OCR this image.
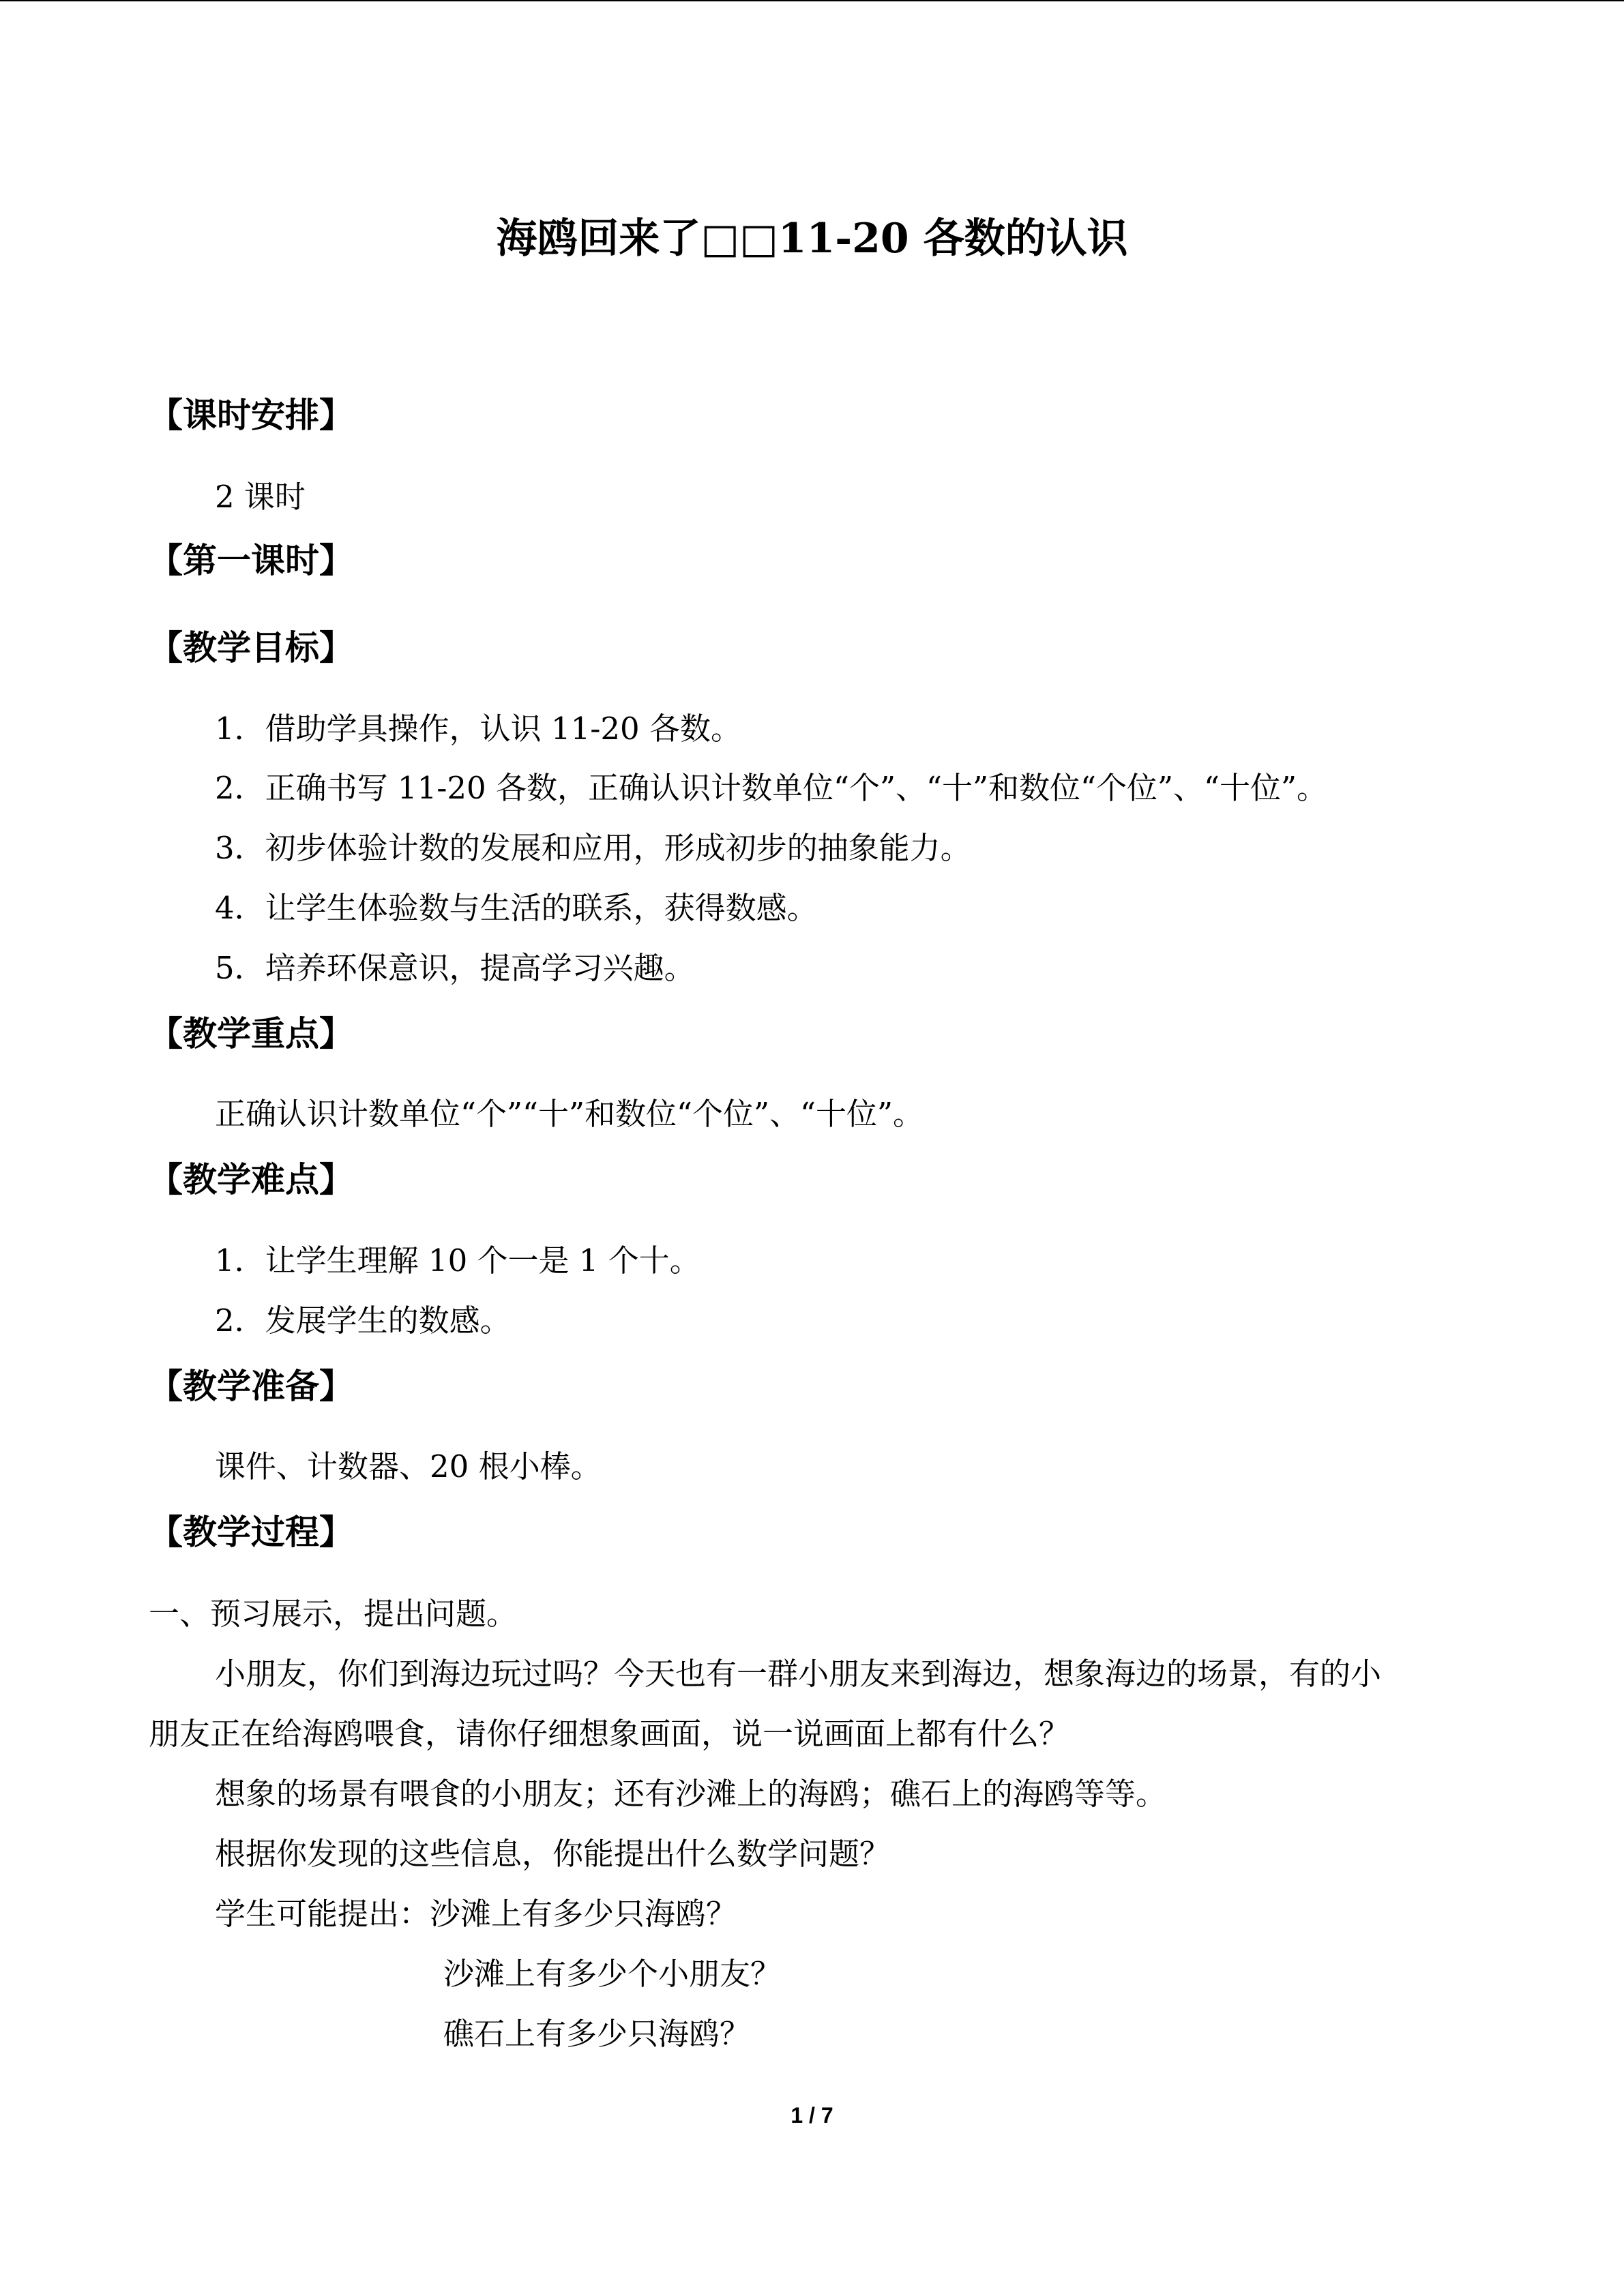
海鸥回来了□□11-20 各数的认识
【课时安排】
2 课时
【第一课时】
【教学目标】
1．借助学具操作，认识 11-20 各数。
2．正确书写 11-20 各数，正确认识计数单位“个”、“十”和数位“个位”、“十位”。
3．初步体验计数的发展和应用，形成初步的抽象能力。
4．让学生体验数与生活的联系，获得数感。
5．培养环保意识，提高学习兴趣。
【教学重点】
正确认识计数单位“个”“十”和数位“个位”、“十位”。
【教学难点】
1．让学生理解 10 个一是 1 个十。
2．发展学生的数感。
【教学准备】
课件、计数器、20 根小棒。
【教学过程】
一、预习展示，提出问题。
小朋友，你们到海边玩过吗？今天也有一群小朋友来到海边，想象海边的场景，有的小
朋友正在给海鸥喂食，请你仔细想象画面，说一说画面上都有什么？
想象的场景有喂食的小朋友；还有沙滩上的海鸥；礁石上的海鸥等等。
根据你发现的这些信息，你能提出什么数学问题？
学生可能提出：沙滩上有多少只海鸥？
沙滩上有多少个小朋友？
礁石上有多少只海鸥？
1 / 7
